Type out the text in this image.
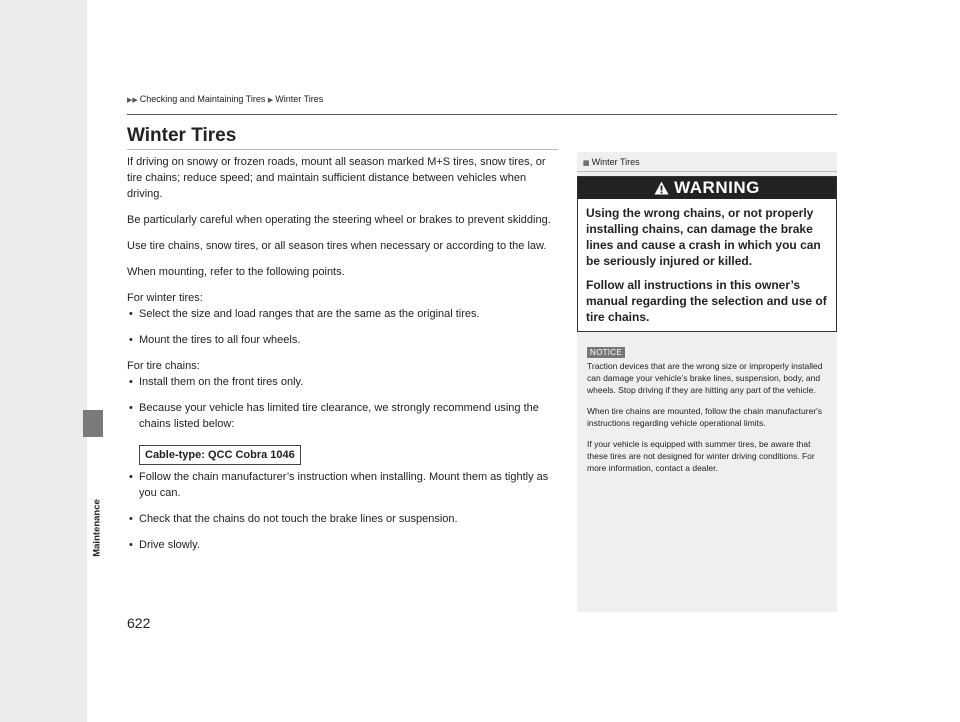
Maintenance
▶▶ Checking and Maintaining Tires ▶ Winter Tires
Winter Tires

If driving on snowy or frozen roads, mount all season marked M+S tires, snow tires, or tire chains; reduce speed; and maintain sufficient distance between vehicles when driving.

Be particularly careful when operating the steering wheel or brakes to prevent skidding.

Use tire chains, snow tires, or all season tires when necessary or according to the law.

When mounting, refer to the following points.

For winter tires:

• Select the size and load ranges that are the same as the original tires.

• Mount the tires to all four wheels.

For tire chains:

• Install them on the front tires only.

• Because your vehicle has limited tire clearance, we strongly recommend using the chains listed below:

Cable-type: QCC Cobra 1046

• Follow the chain manufacturer’s instruction when installing. Mount them as tightly as you can.

• Check that the chains do not touch the brake lines or suspension.

• Drive slowly.

▦ Winter Tires
WARNING

Using the wrong chains, or not properly installing chains, can damage the brake lines and cause a crash in which you can be seriously injured or killed.

Follow all instructions in this owner’s manual regarding the selection and use of tire chains.

NOTICE

Traction devices that are the wrong size or improperly installed can damage your vehicle’s brake lines, suspension, body, and wheels. Stop driving if they are hitting any part of the vehicle.

When tire chains are mounted, follow the chain manufacturer's instructions regarding vehicle operational limits.

If your vehicle is equipped with summer tires, be aware that these tires are not designed for winter driving conditions. For more information, contact a dealer.

622
